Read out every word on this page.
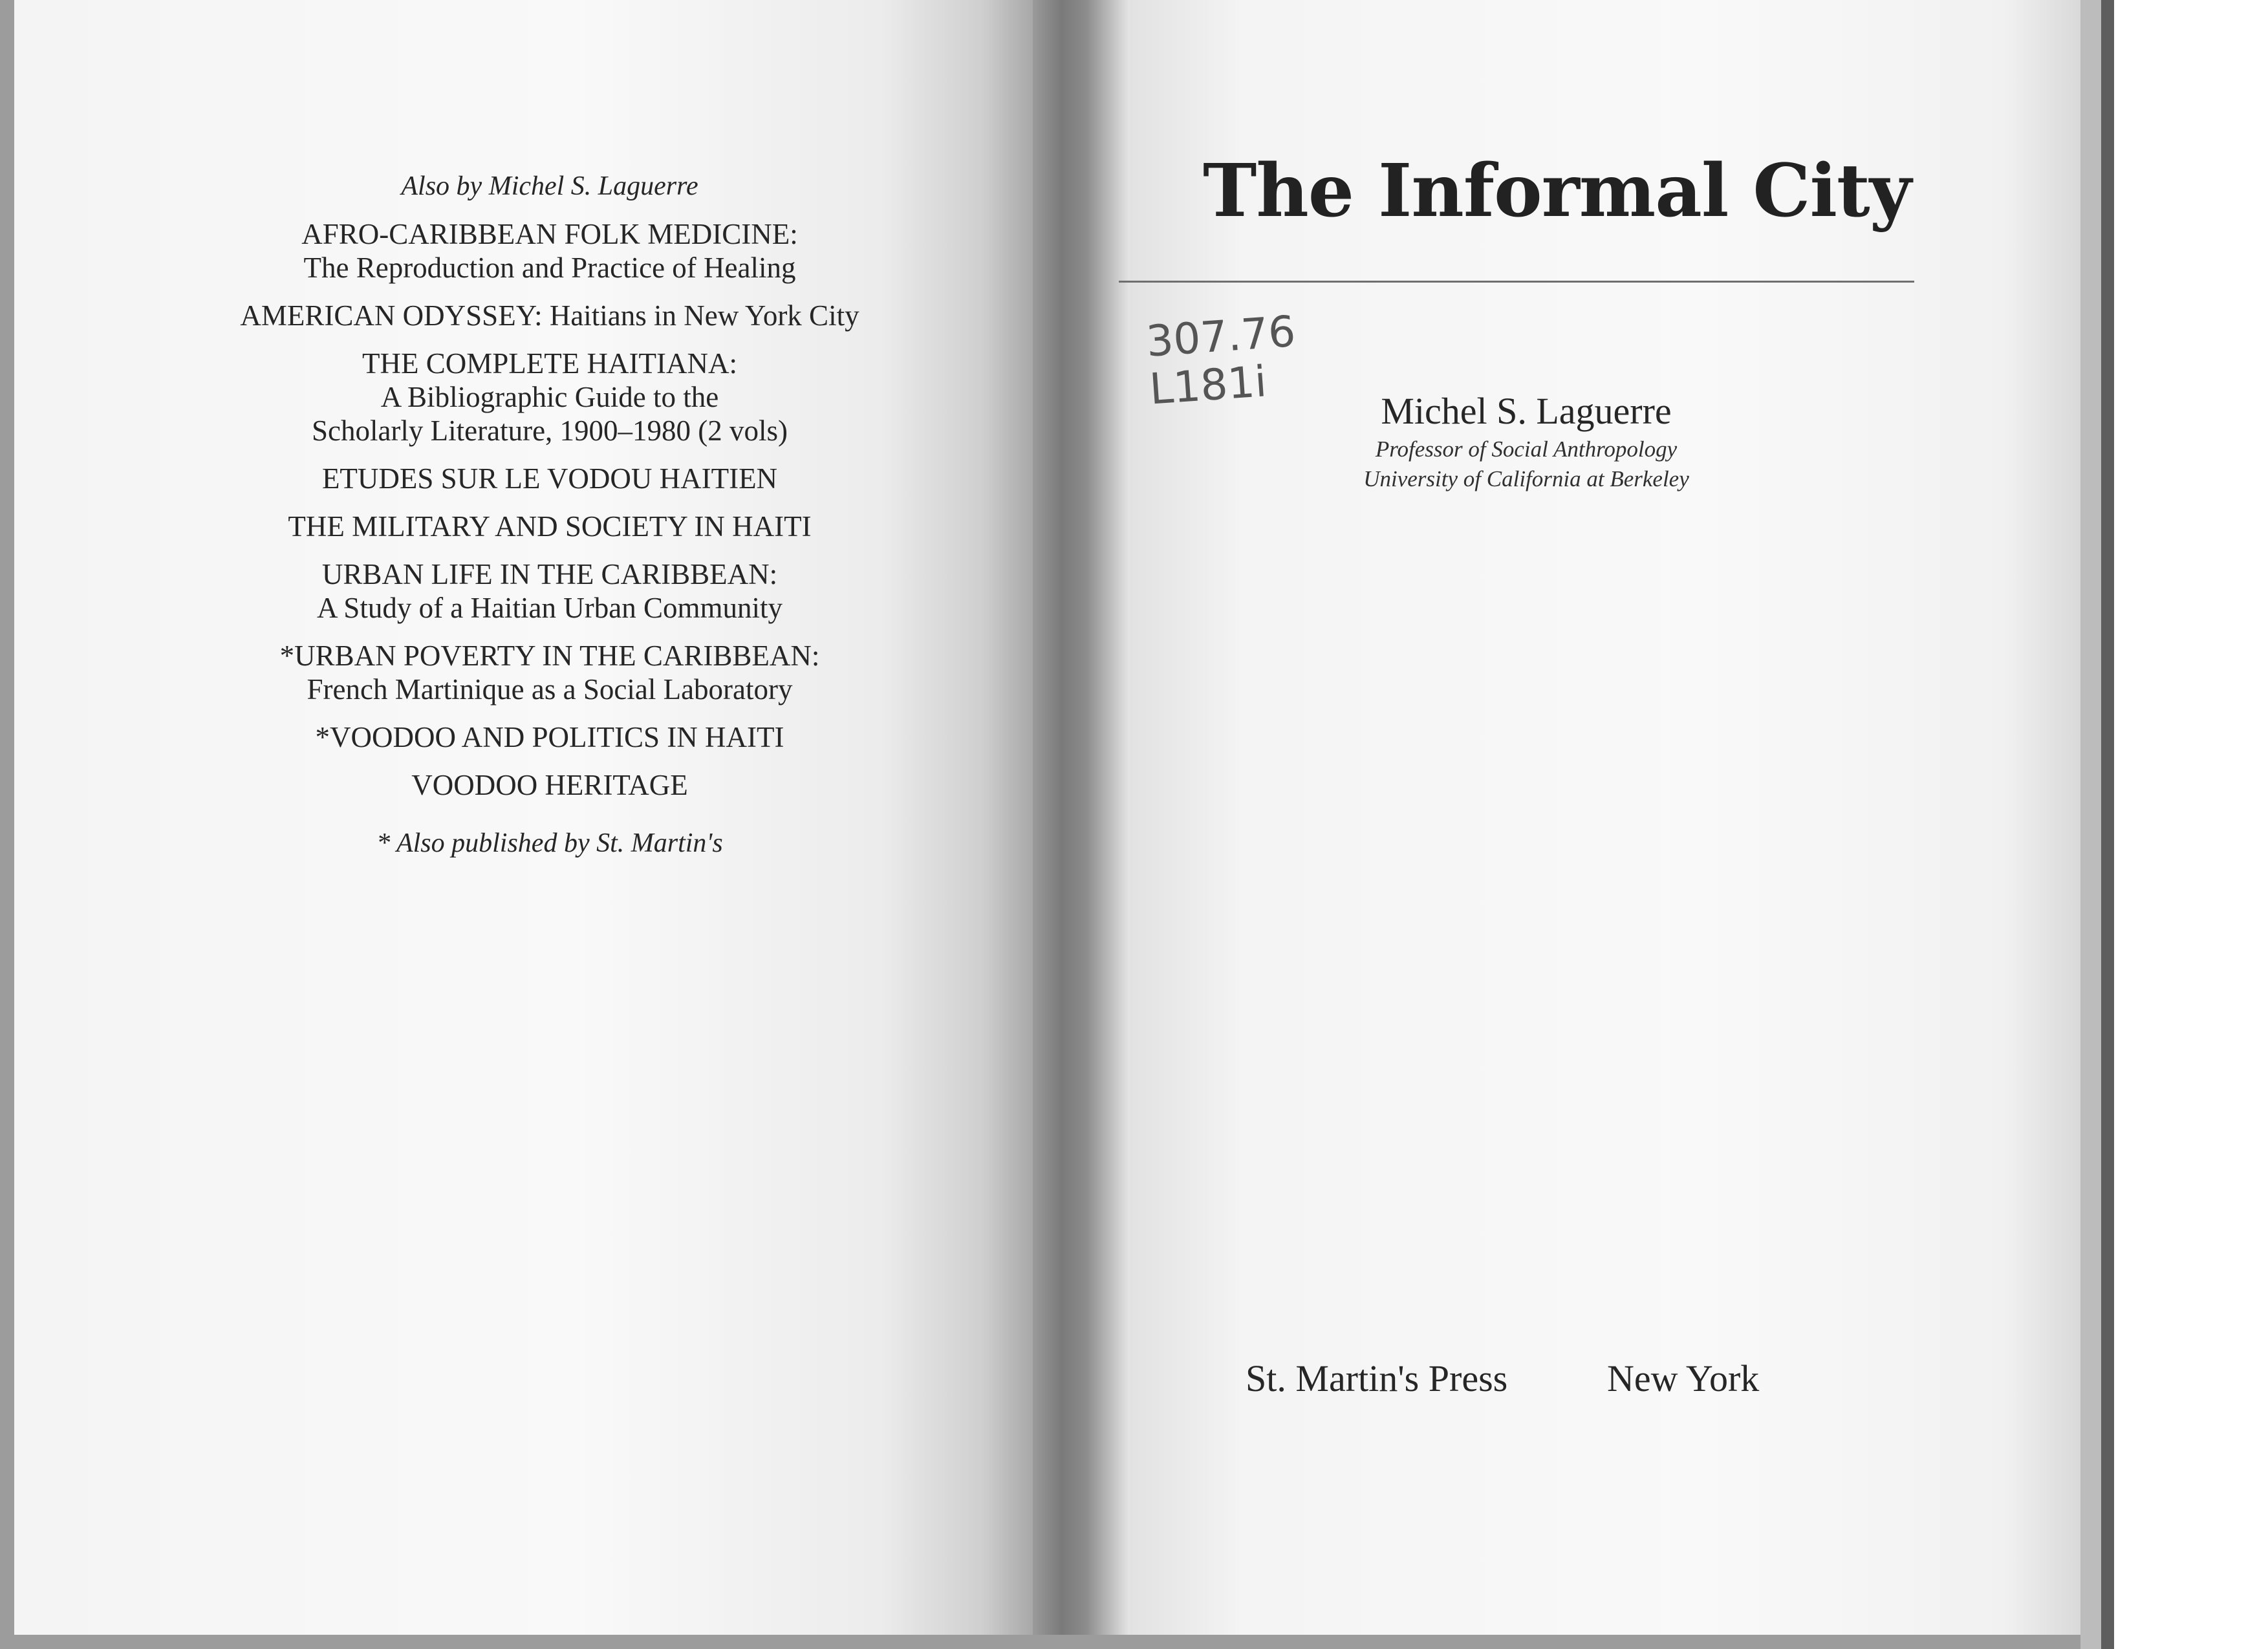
Also by Michel S. Laguerre
AFRO-CARIBBEAN FOLK MEDICINE:
The Reproduction and Practice of Healing
AMERICAN ODYSSEY: Haitians in New York City
THE COMPLETE HAITIANA:
A Bibliographic Guide to the
Scholarly Literature, 1900–1980 (2 vols)
ETUDES SUR LE VODOU HAITIEN
THE MILITARY AND SOCIETY IN HAITI
URBAN LIFE IN THE CARIBBEAN:
A Study of a Haitian Urban Community
*URBAN POVERTY IN THE CARIBBEAN:
French Martinique as a Social Laboratory
*VOODOO AND POLITICS IN HAITI
VOODOO HERITAGE
* Also published by St. Martin's
The Informal City
307.76
L181i	Michel S. Laguerre
Professor of Social Anthropology
University of California at Berkeley
St. Martin's Press	New York
